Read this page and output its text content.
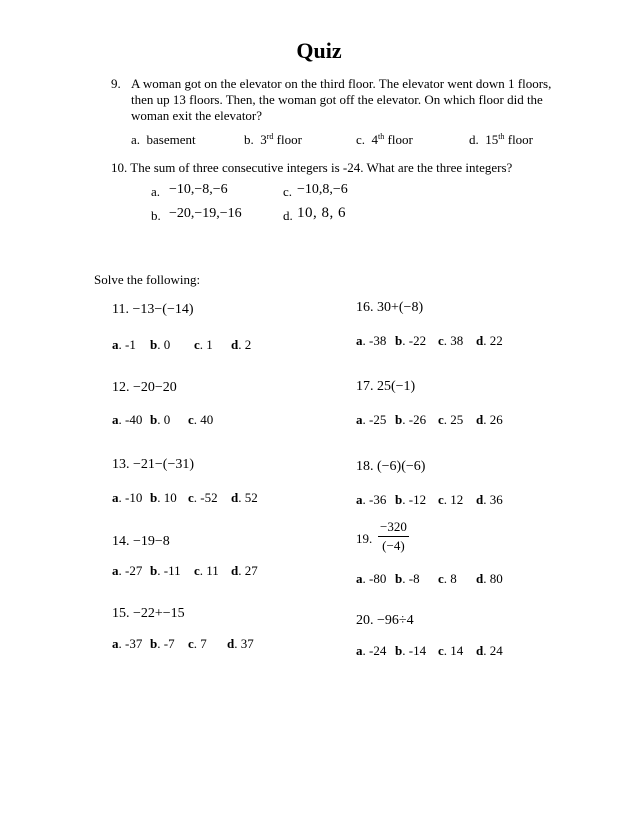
Quiz
9. A woman got on the elevator on the third floor. The elevator went down 1 floors,
then up 13 floors. Then, the woman got off the elevator. On which floor did the
woman exit the elevator?
a. basement	b. 3rd floor	c. 4th floor	d. 15th floor
10. The sum of three consecutive integers is -24. What are the three integers?
a. −10,−8,−6	c. −10,8,−6
b. −20,−19,−16	d. 10, 8, 6
Solve the following:
11. −13−(−14)
a. -1 b. 0 c. 1 d. 2
12. −20−20
a. -40 b. 0 c. 40
13. −21−(−31)
a. -10 b. 10 c. -52 d. 52
14. −19−8
a. -27 b. -11 c. 11 d. 27
15. −22+−15
a. -37 b. -7 c. 7 d. 37
16. 30+(−8)
a. -38 b. -22 c. 38 d. 22
17. 25(−1)
a. -25 b. -26 c. 25 d. 26
18. (−6)(−6)
a. -36 b. -12 c. 12 d. 36
19. $\frac{-320}{(-4)}$
a. -80 b. -8 c. 8 d. 80
20. −96÷4
a. -24 b. -14 c. 14 d. 24
